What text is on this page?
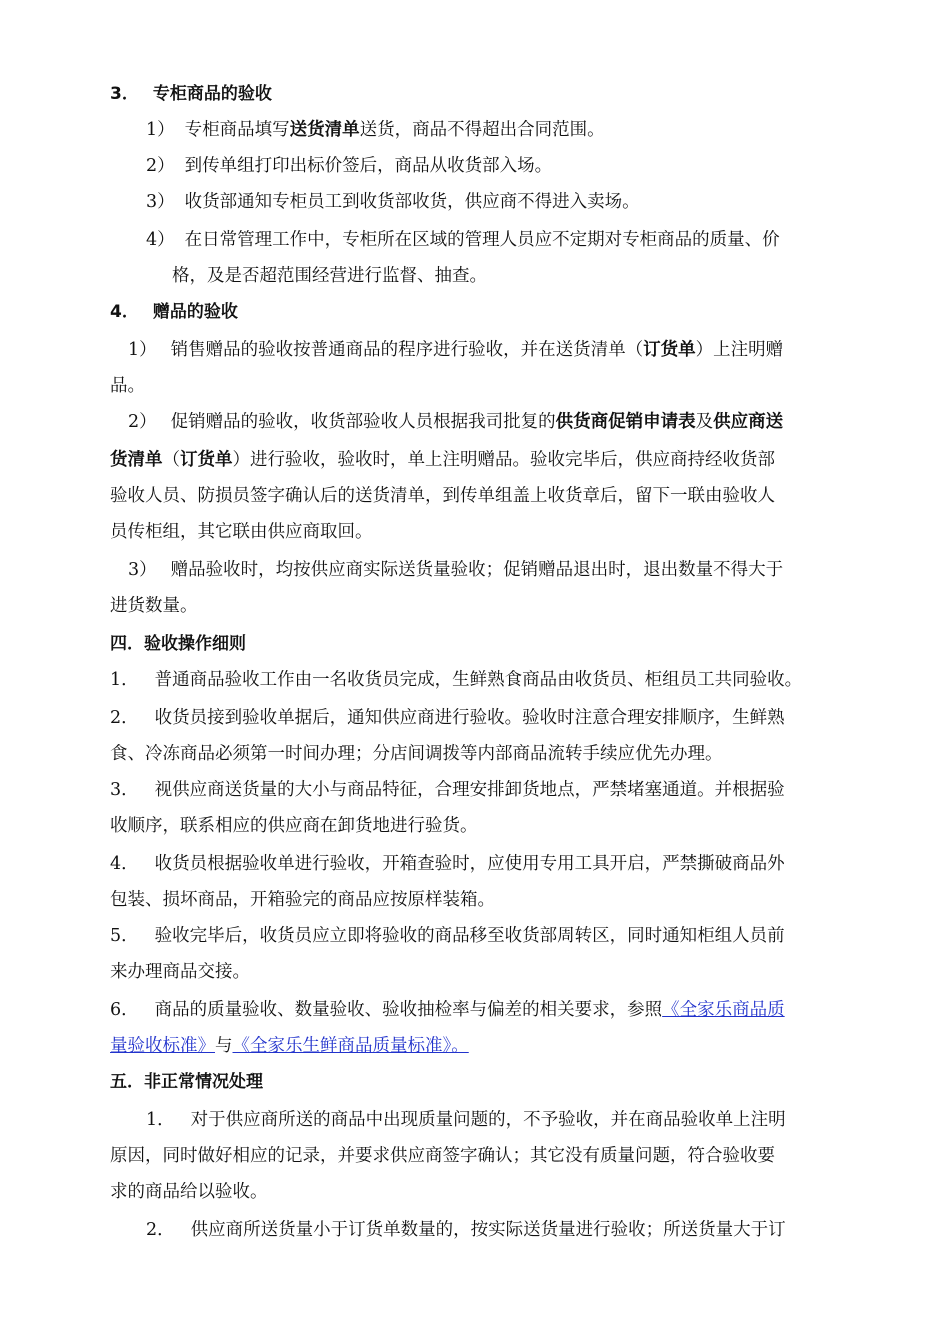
3． 专柜商品的验收
1） 专柜商品填写送货清单送货，商品不得超出合同范围。
2） 到传单组打印出标价签后，商品从收货部入场。
3） 收货部通知专柜员工到收货部收货，供应商不得进入卖场。
4） 在日常管理工作中，专柜所在区域的管理人员应不定期对专柜商品的质量、价
格，及是否超范围经营进行监督、抽查。
4． 赠品的验收
1） 销售赠品的验收按普通商品的程序进行验收，并在送货清单（订货单）上注明赠
品。
2） 促销赠品的验收，收货部验收人员根据我司批复的供货商促销申请表及供应商送
货清单（订货单）进行验收，验收时，单上注明赠品。验收完毕后，供应商持经收货部
验收人员、防损员签字确认后的送货清单，到传单组盖上收货章后，留下一联由验收人
员传柜组，其它联由供应商取回。
3） 赠品验收时，均按供应商实际送货量验收；促销赠品退出时，退出数量不得大于
进货数量。
四．验收操作细则
1． 普通商品验收工作由一名收货员完成，生鲜熟食商品由收货员、柜组员工共同验收。
2． 收货员接到验收单据后，通知供应商进行验收。验收时注意合理安排顺序，生鲜熟
食、冷冻商品必须第一时间办理；分店间调拨等内部商品流转手续应优先办理。
3． 视供应商送货量的大小与商品特征，合理安排卸货地点，严禁堵塞通道。并根据验
收顺序，联系相应的供应商在卸货地进行验货。
4． 收货员根据验收单进行验收，开箱查验时，应使用专用工具开启，严禁撕破商品外
包装、损坏商品，开箱验完的商品应按原样装箱。
5． 验收完毕后，收货员应立即将验收的商品移至收货部周转区，同时通知柜组人员前
来办理商品交接。
6． 商品的质量验收、数量验收、验收抽检率与偏差的相关要求，参照《全家乐商品质
量验收标准》与《全家乐生鲜商品质量标准》。
五．非正常情况处理
1． 对于供应商所送的商品中出现质量问题的，不予验收，并在商品验收单上注明
原因，同时做好相应的记录，并要求供应商签字确认；其它没有质量问题，符合验收要
求的商品给以验收。
2． 供应商所送货量小于订货单数量的，按实际送货量进行验收；所送货量大于订
